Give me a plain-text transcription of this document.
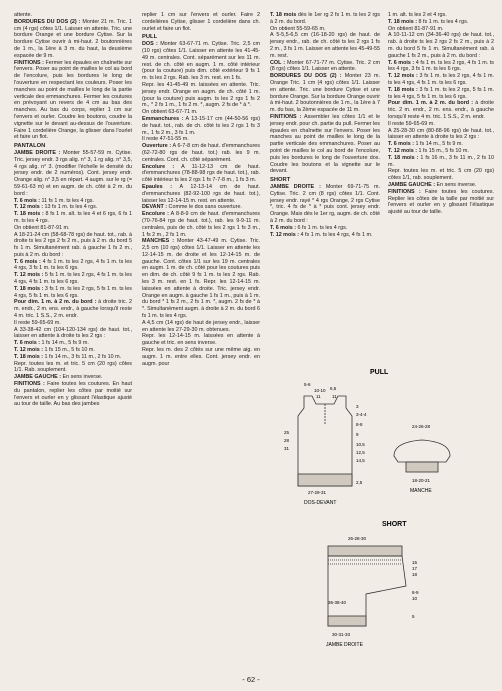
attente.

BORDURES DU DOS (2) : Monter 21 m. Tric. 1 cm (4 rgs) côtes 1/1. Laisser en attente. Tric. une bordure Orange et une bordure Cytise. Sur la bordure Cytise ouvrir à mi-haut. 2 boutonnières de 1 m., la 1ère à 3 m. du haut, la deuxième espacée de 9 m.

FINITIONS : Fermer les épaules en chaînette sur l'envers. Poser au point de mailles le col au bord de l'encolure, puis les bordures le long de l'ouverture en respectant les couleurs. Poser les manches au point de mailles le long de la partie verticale des emmanchures. Fermer les coutures en prévoyant un revers de 4 cm au bas des manches. Au bas du corps, replier 1 cm sur l'envers et ourler. Coudre les boutons, coudre la vignette sur le devant au-dessus de l'ouverture. Faire 1 cordelière Orange, la glisser dans l'ourlet et faire un flot.

PANTALON

JAMBE DROITE : Monter 55-57-59 m. Cytise. Tric. jersey endr. 3 rgs alig. n° 3, 1 rg alig. n° 3,5, 4 rgs alig. n° 3. (modifier l'échelle le densité du jersey endr. de 2 numéros). Cont. jersey endr. Orange alig. n° 3,5 en répart. 4 augm. sur le rg (= 59-61-63 m) et en augm. de ch. côté à 2 m. du bord :

T. 6 mois : 11 fs 1 m. ts les 4 rgs.

T. 12 mois : 13 fs 1 m. ts les 4 rgs.

T. 18 mois : 8 fs 1 m. alt. ts les 4 et 6 rgs, 6 fs 1 m. ts les 4 rgs.

On obtient 81-87-91 m.

A 18-21-24 cm (58-68-78 rgs) de haut. tot., rab. à droite ts les 2 rgs 2 fs 2 m., puis à 2 m. du bord 5 fs 1 m. Simultanément rab. à gauche 1 fs 2 m., puis à 2 m. du bord :

T. 6 mois : 4 fs 1 m. ts les 2 rgs, 4 fs 1 m. ts les 4 rgs, 3 fs 1 m. ts les 6 rgs.

T. 12 mois : 5 fs 1 m. ts les 2 rgs, 4 fs 1 m. ts les 4 rgs, 4 fs 1 m. ts les 6 rgs.

T. 18 mois : 3 fs 1 m. ts les 2 rgs, 5 fs 1 m. ts les 4 rgs, 5 fs 1 m. ts les 6 rgs.

Pour dim. 1 m. à 2 m. du bord : à droite tric. 2 m. endr., 2 m. ens. endr., à gauche lorsqu'il reste 4 m. tric. 1 S.S., 2 m. endr.

Il reste 59-65-69 m.

A 33-38-42 cm (104-120-134 rgs) de haut. tot., laisser en attente à droite ts les 2 rgs :

T. 6 mois : 1 fs 14 m., 5 fs 9 m.

T. 12 mois : 1 fs 15 m., 5 fs 10 m.

T. 18 mois : 1 fs 14 m., 3 fs 11 m., 2 fs 10 m.

Repr. toutes les m. et tric. 5 cm (20 rgs) côtes 1/1. Rab. souplement.

JAMBE GAUCHE : En sens inverse.

FINITIONS : Faire toutes les coutures. En haut du pantalon, replier les côtes par moitié sur l'envers et ourler en y glissant l'élastique ajusté au tour de taille. Au bas des jambes

replier 1 cm sur l'envers et ourler. Faire 2 cordelières Cytise, glisser 1 cordelière dans ch. ourlet et faire un flot.

PULL

DOS : Monter 63-67-71 m. Cytise. Tric. 2,5 cm (10 rgs) côtes 1/1. Laisser en attente les 41-45-49 m. centrales. Cont. séparément sur les 11 m. rest. de ch. côté en augm. 1 m. côté intérieur (pour la couture) puis dim. côté extérieur 9 fs 1 m. ts les 2 rgs. Rab. les 3 m. rest. en 1 fs.

Repr. les 41-45-49 m. laissées en attente. Tric. jersey endr. Orange en augm. de ch. côté 1 m. (pour la couture) puis augm. ts les 2 rgs 1 fs 2 m., * 2 fs 1 m., 1 fs 2 m. *, augm. 2 fs de * à *.

On obtient 63-67-71 m.

Emmanchures : A 13-15-17 cm (44-50-56 rgs) de haut. tot., rab. de ch. côté ts les 2 rgs 1 fs 3 m., 1 fs 2 m., 3 fs 1 m.

Il reste 47-51-55 m.

Ouverture : A 6-7-8 cm de haut. d'emmanchures (62-72-80 rgs de haut. tot.) rab. les 9 m. centrales. Cont. ch. côté séparément.

Encolure : A 11-12-13 cm de haut. d'emmanchures (78-88-98 rgs de haut. tot.), rab. côté intérieur ts les 2 rgs 1 fs 7-7-8 m., 1 fs 3 m.

Epaules : A 12-13-14 cm de haut. d'emmanchures (82-92-100 rgs de haut. tot.), laisser les 12-14-15 m. rest. en attente.

DEVANT : Comme le dos sans ouverture.

Encolure : A 8-8-9 cm de haut. d'emmanchures (70-76-84 rgs de haut. tot.), rab. les 9-9-11 m. centrales, puis de ch. côté ts les 2 rgs 1 fs 3 m., 1 fs 2 m., 2 fs 1 m.

MANCHES : Monter 43-47-49 m. Cytise. Tric. 2,5 cm (10 rgs) côtes 1/1. Laisser en attente les 12-14-15 m. de droite et les 12-14-15 m. de gauche. Cont. côtes 1/1 sur les 19 m. centrales en augm. 1 m. de ch. côté pour les coutures puis en dim. de ch. côté 9 fs 1 m. ts les 2 rgs. Rab. les 3 m. rest. en 1 fs. Repr. les 12-14-15 m. laissées en attente à droite. Tric. jersey endr. Orange en augm. à gauche 1 fs 1 m., puis à 1 m. du bord * 1 fs 2 m., 2 fs 1 m. *, augm. 2 fs de * à *. Simultanément augm. à droite à 2 m. du bord 6 fs 1 m. ts les 4 rgs.

A 4,5 cm (14 rgs) de haut de jersey endr., laisser en attente les 27-29-30 m. obtenues.

Repr. les 12-14-15 m. laissées en attente à gauche et tric. en sens inverse.

Repr. les m. des 2 côtés sur une même aig. en augm. 1 m. entre elles. Cont. jersey endr. en augm. pour

T. 18 mois dès le 1er rg 2 fs 1 m. ts les 2 rgs à 2 m. du bord.

On obtient 55-59-65 m.

A 5-5,5-6,5 cm (16-18-20 rgs) de haut. de jersey endr., rab. de ch. côté ts les 2 rgs 1 fs 2 m., 3 fs 1 m. Laisser en attente les 45-49-55 m. rest.

COL : Monter 67-71-77 m. Cytise. Tric. 2 cm (8 rgs) côtes 1/1. Laisser en attente.

BORDURES DU DOS (2) : Monter 23 m. Orange Tric. 1 cm (4 rgs) côtes 1/1. Laisser en attente. Tric. une bordure Cytise et une bordure Orange. Sur la bordure Orange ouvrir à mi-haut. 2 boutonnières de 1 m., la 1ère à 7 m. du bas, la 2ème espacée de 11 m.

FINITIONS : Assembler les côtes 1/1 et le jersey endr. pour ch. partie du pull. Fermer les épaules en chaînette sur l'envers. Poser les manches au point de mailles le long de la partie verticale des emmanchures. Poser au point de mailles le col au bord de l'encolure, puis les bordures le long de l'ouverture dos. Coudre les boutons et la vignette sur le devant.

SHORT

JAMBE DROITE : Monter 69-71-75 m. Cytise. Tric. 2 cm (8 rgs) côtes 1/1. Cont. jersey endr. rayé * 4 rgs Orange, 2 rgs Cytise *, tric. 4 fs de * à * puis cont. jersey endr. Orange. Mais dès le 1er rg, augm. de ch. côté à 2 m. du bord :

T. 6 mois : 6 fs 1 m. ts les 4 rgs.

T. 12 mois : 4 fs 1 m. ts les 4 rgs, 4 fs 1 m.

1 m. alt. ts les 2 et 4 rgs.

T. 18 mois : 8 fs 1 m. ts les 4 rgs.

On obtient 81-87-91 m.

A 10-11-12 cm (34-36-40 rgs) de haut. tot., rab. à droite ts les 2 rgs 2 fs 2 m., puis à 2 m. du bord 5 fs 1 m. Simultanément rab. à gauche 1 fs 2 m., puis à 2 m. du bord :

T. 6 mois : 4 fs 1 m. ts les 2 rgs, 4 fs 1 m. ts les 4 rgs, 3 fs 1 m. ts les 6 rgs.

T. 12 mois : 3 fs 1 m. ts les 2 rgs, 4 fs 1 m. ts les 4 rgs, 4 fs 1 m. ts les 6 rgs.

T. 18 mois : 3 fs 1 m. ts les 2 rgs, 5 fs 1 m. ts les 4 rgs, 5 fs 1 m. ts les 6 rgs.

Pour dim. 1 m. à 2 m. du bord : à droite tric. 2 m. endr., 2 m. ens. endr., à gauche lorsqu'il reste 4 m. tric. 1 S.S., 2 m. endr.

Il reste 59-65-69 m.

A 25-28-30 cm (80-88-96 rgs) de haut. tot., laisser en attente à droite ts les 2 rgs :

T. 6 mois : 1 fs 14 m., 5 fs 9 m.

T. 12 mois : 1 fs 15 m., 5 fs 10 m.

T. 18 mois : 1 fs 16 m., 3 fs 11 m., 2 fs 10 m.

Repr. toutes les m. et tric. 5 cm (20 rgs) côtes 1/1, rab. souplement.

JAMBE GAUCHE : En sens inverse.

FINITIONS : Faire toutes les coutures. Replier les côtes de la taille par moitié sur l'envers et ourler en y glissant l'élastique ajusté au tour de taille.

PULL
5-6
10-10
11
6,5
11
3
3-4-4
8-8
9
10,5
12,5
14,5
2,5
25
28
31
27-29-31
DOS-DEVANT
24-26-28
18-20-21
MANCHE
SHORT
26-28-30
15
17
18
8-9
10
5
36-38-40
30-31-33
JAMBE DROITE
- 62 -
